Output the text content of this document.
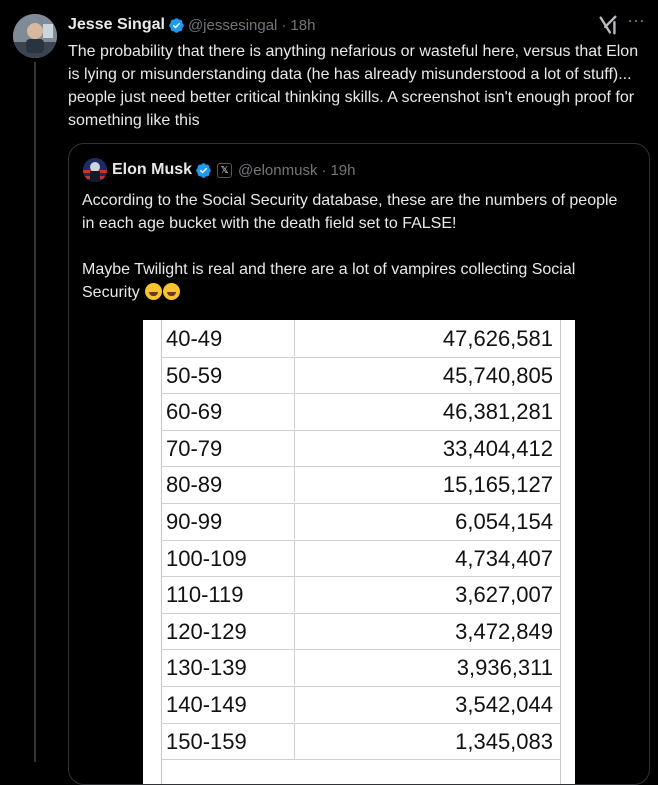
Jesse Singal @jessesingal · 18h	···

The probability that there is anything nefarious or wasteful here, versus that Elon is lying or misunderstanding data (he has already misunderstood a lot of stuff)... people just need better critical thinking skills. A screenshot isn't enough proof for something like this

Elon Musk	𝕏 @elonmusk · 19h

According to the Social Security database, these are the numbers of people in each age bucket with the death field set to FALSE!

Maybe Twilight is real and there are a lot of vampires collecting Social Security

40-49	47,626,581
50-59	45,740,805
60-69	46,381,281
70-79	33,404,412
80-89	15,165,127
90-99	6,054,154
100-109	4,734,407
110-119	3,627,007
120-129	3,472,849
130-139	3,936,311
140-149	3,542,044
150-159	1,345,083
